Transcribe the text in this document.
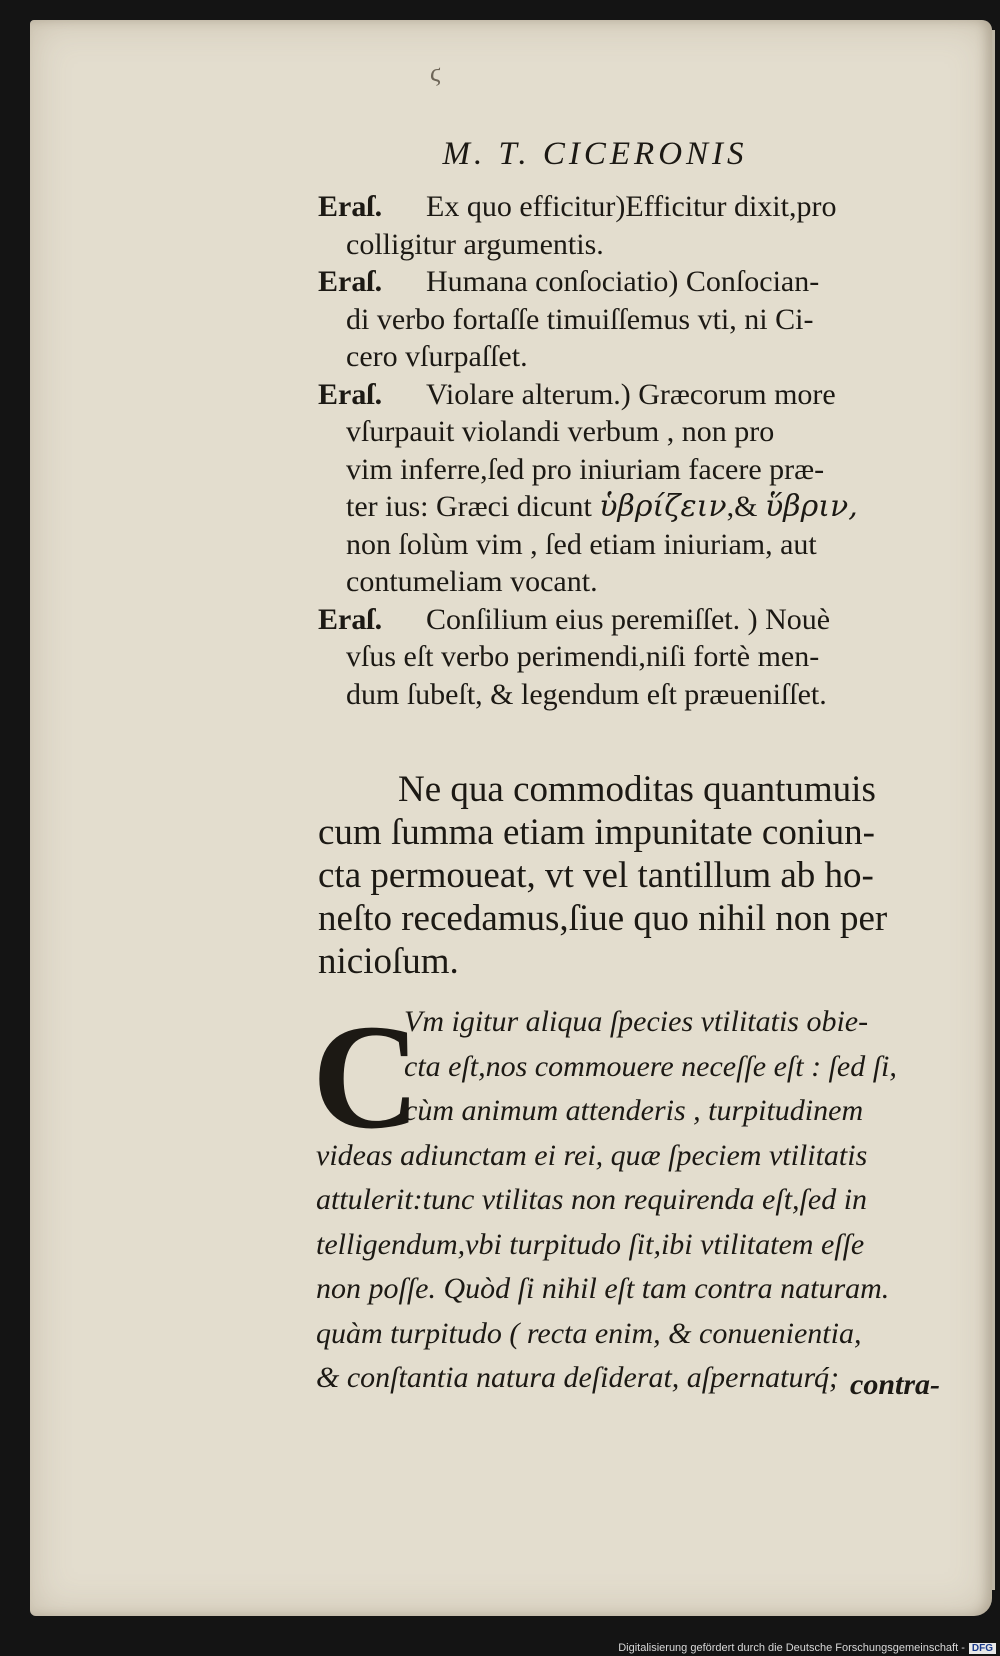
ϛ
M. T. CICERONIS
Eraſ.	Ex quo efficitur)Efficitur dixit,pro
colligitur argumentis.
Eraſ.	Humana conſociatio) Conſocian-
di verbo fortaſſe timuiſſemus vti, ni Ci-
cero vſurpaſſet.
Eraſ.	Violare alterum.) Græcorum more
vſurpauit violandi verbum , non pro
vim inferre,ſed pro iniuriam facere præ-
ter ius: Græci dicunt ὑβρίζειν,& ὕβριν,
non ſolùm vim , ſed etiam iniuriam, aut
contumeliam vocant.
Eraſ.	Conſilium eius peremiſſet. ) Nouè
vſus eſt verbo perimendi,niſi fortè men-
dum ſubeſt, & legendum eſt præueniſſet.
Ne qua commoditas quantumuis
cum ſumma etiam impunitate coniun-
cta permoueat, vt vel tantillum ab ho-
neſto recedamus,ſiue quo nihil non per
nicioſum.
C
Vm igitur aliqua ſpecies vtilitatis obie-
cta eſt,nos commouere neceſſe eſt : ſed ſi,
cùm animum attenderis , turpitudinem
videas adiunctam ei rei, quæ ſpeciem vtilitatis
attulerit:tunc vtilitas non requirenda eſt,ſed in
telligendum,vbi turpitudo ſit,ibi vtilitatem eſſe
non poſſe. Quòd ſi nihil eſt tam contra naturam.
quàm turpitudo ( recta enim, & conuenientia,
& conſtantia natura deſiderat, aſpernaturq́; contra-
Digitalisierung gefördert durch die Deutsche Forschungsgemeinschaft - DFG
